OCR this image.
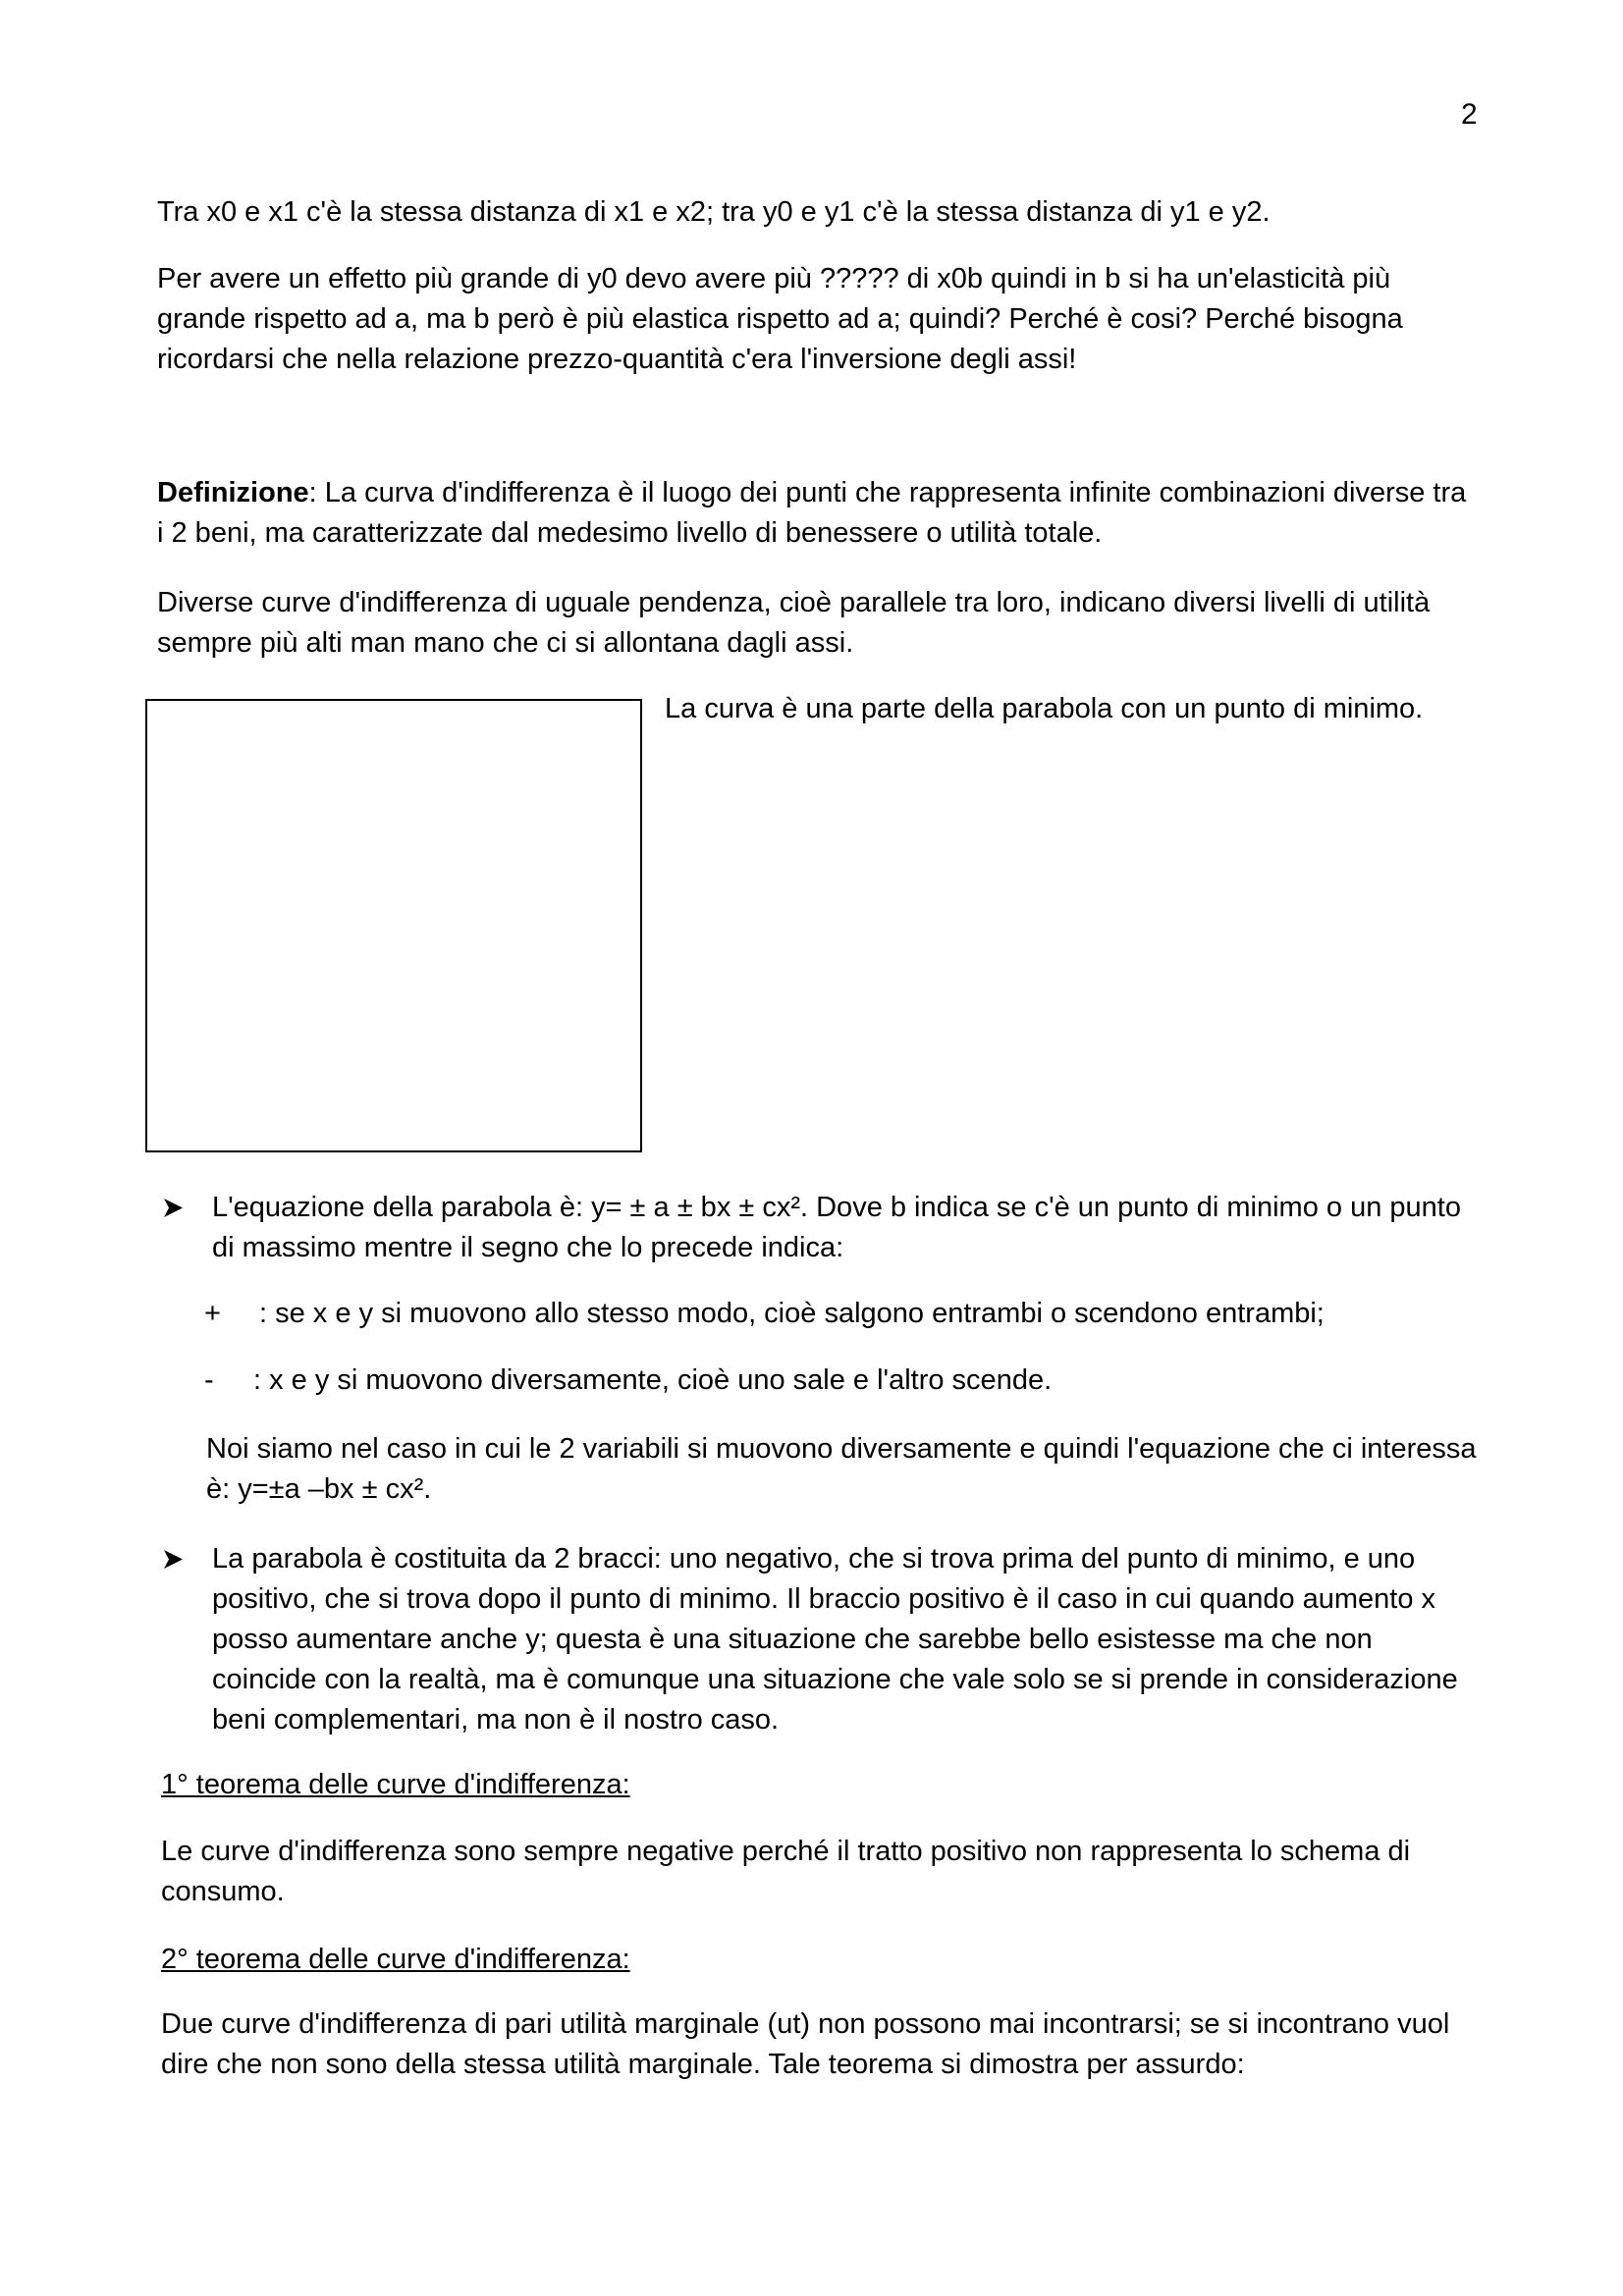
2

Tra x0 e x1 c'è la stessa distanza di x1 e x2; tra y0 e y1 c'è la stessa distanza di y1 e y2.

Per avere un effetto più grande di y0 devo avere più ????? di x0b quindi in b si ha un'elasticità più grande rispetto ad a, ma b però è più elastica rispetto ad a; quindi? Perché è cosi? Perché bisogna ricordarsi che nella relazione prezzo-quantità c'era l'inversione degli assi!

Definizione: La curva d'indifferenza è il luogo dei punti che rappresenta infinite combinazioni diverse tra i 2 beni, ma caratterizzate dal medesimo livello di benessere o utilità totale.

Diverse curve d'indifferenza di uguale pendenza, cioè parallele tra loro, indicano diversi livelli di utilità sempre più alti man mano che ci si allontana dagli assi.

La curva è una parte della parabola con un punto di minimo.

L'equazione della parabola è: y= ± a ± bx ± cx². Dove b indica se c'è un punto di minimo o un punto di massimo mentre il segno che lo precede indica:

+ : se x e y si muovono allo stesso modo, cioè salgono entrambi o scendono entrambi;

- : x e y si muovono diversamente, cioè uno sale e l'altro scende.

Noi siamo nel caso in cui le 2 variabili si muovono diversamente e quindi l'equazione che ci interessa è: y=±a –bx ± cx².

La parabola è costituita da 2 bracci: uno negativo, che si trova prima del punto di minimo, e uno positivo, che si trova dopo il punto di minimo. Il braccio positivo è il caso in cui quando aumento x posso aumentare anche y; questa è una situazione che sarebbe bello esistesse ma che non coincide con la realtà, ma è comunque una situazione che vale solo se si prende in considerazione beni complementari, ma non è il nostro caso.

1° teorema delle curve d'indifferenza:

Le curve d'indifferenza sono sempre negative perché il tratto positivo non rappresenta lo schema di consumo.

2° teorema delle curve d'indifferenza:

Due curve d'indifferenza di pari utilità marginale (ut) non possono mai incontrarsi; se si incontrano vuol dire che non sono della stessa utilità marginale. Tale teorema si dimostra per assurdo:
